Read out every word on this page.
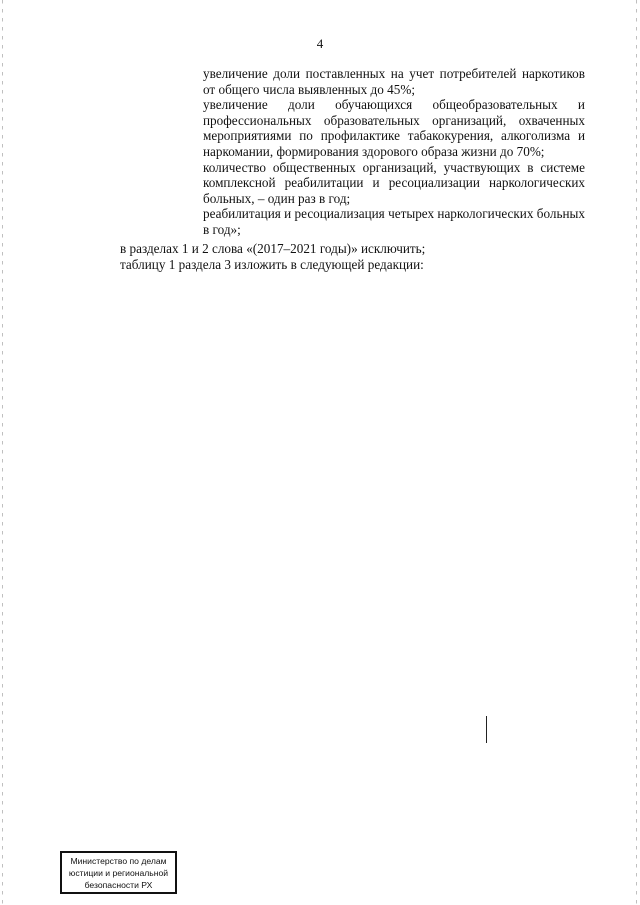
4

увеличение доли поставленных на учет потребителей наркотиков от общего числа выявленных до 45%;

увеличение доли обучающихся общеобразовательных и профессиональных образовательных организаций, охваченных мероприятиями по профилактике табакокурения, алкоголизма и наркомании, формирования здорового образа жизни до 70%;

количество общественных организаций, участвующих в системе комплексной реабилитации и ресоциализации наркологических больных, – один раз в год;

реабилитация и ресоциализация четырех наркологических больных в год»;

в разделах 1 и 2 слова «(2017–2021 годы)» исключить;

таблицу 1 раздела 3 изложить в следующей редакции:

Министерство по делам
юстиции и региональной
безопасности РХ
